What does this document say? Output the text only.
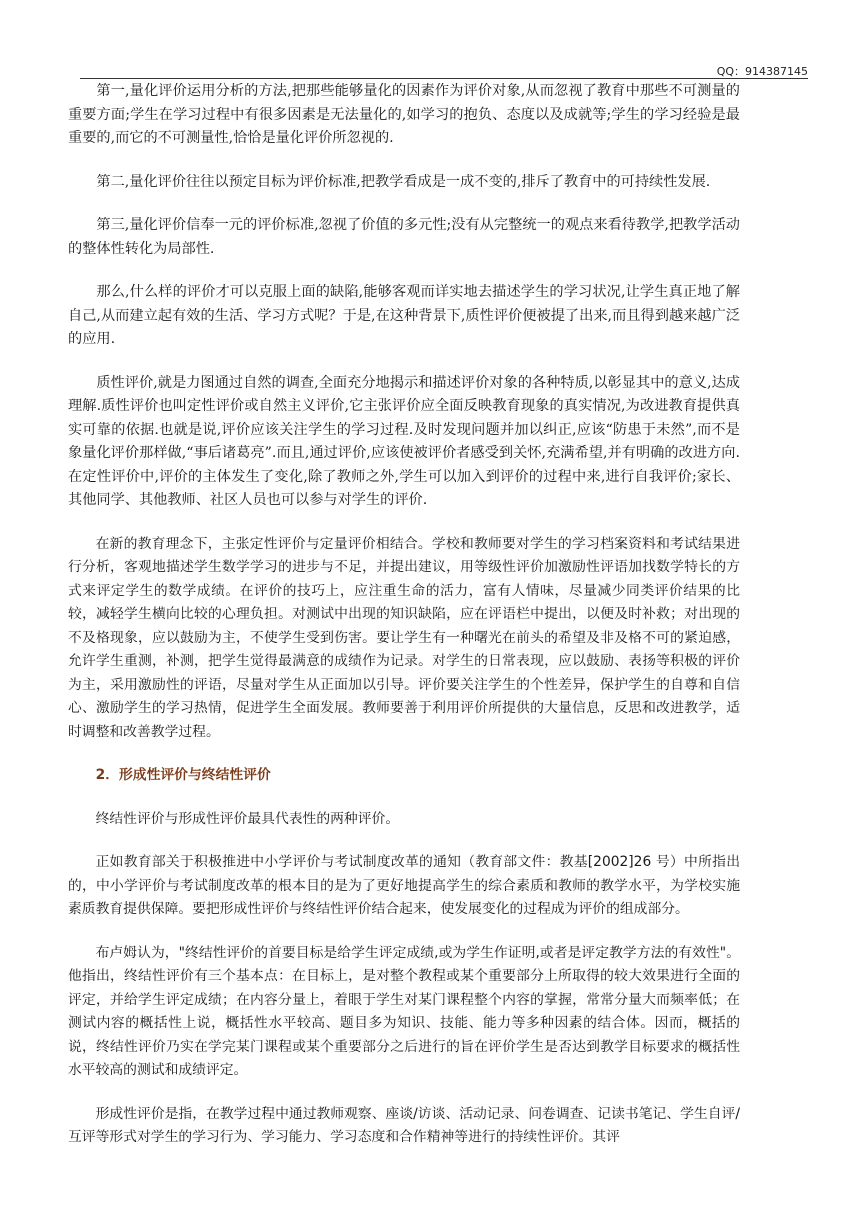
QQ：914387145

第一,量化评价运用分析的方法,把那些能够量化的因素作为评价对象,从而忽视了教育中那些不可测量的重要方面;学生在学习过程中有很多因素是无法量化的,如学习的抱负、态度以及成就等;学生的学习经验是最重要的,而它的不可测量性,恰恰是量化评价所忽视的.

第二,量化评价往往以预定目标为评价标准,把教学看成是一成不变的,排斥了教育中的可持续性发展.

第三,量化评价信奉一元的评价标准,忽视了价值的多元性;没有从完整统一的观点来看待教学,把教学活动的整体性转化为局部性.

那么,什么样的评价才可以克服上面的缺陷,能够客观而详实地去描述学生的学习状况,让学生真正地了解自己,从而建立起有效的生活、学习方式呢？于是,在这种背景下,质性评价便被提了出来,而且得到越来越广泛的应用.

质性评价,就是力图通过自然的调查,全面充分地揭示和描述评价对象的各种特质,以彰显其中的意义,达成理解.质性评价也叫定性评价或自然主义评价,它主张评价应全面反映教育现象的真实情况,为改进教育提供真实可靠的依据.也就是说,评价应该关注学生的学习过程.及时发现问题并加以纠正,应该“防患于未然”,而不是象量化评价那样做,“事后诸葛亮”.而且,通过评价,应该使被评价者感受到关怀,充满希望,并有明确的改进方向. 在定性评价中,评价的主体发生了变化,除了教师之外,学生可以加入到评价的过程中来,进行自我评价;家长、其他同学、其他教师、社区人员也可以参与对学生的评价.

在新的教育理念下，主张定性评价与定量评价相结合。学校和教师要对学生的学习档案资料和考试结果进行分析，客观地描述学生数学学习的进步与不足，并提出建议，用等级性评价加激励性评语加找数学特长的方式来评定学生的数学成绩。在评价的技巧上，应注重生命的活力，富有人情味，尽量减少同类评价结果的比较，减轻学生横向比较的心理负担。对测试中出现的知识缺陷，应在评语栏中提出，以便及时补救；对出现的不及格现象，应以鼓励为主，不使学生受到伤害。要让学生有一种曙光在前头的希望及非及格不可的紧迫感，允许学生重测，补测，把学生觉得最满意的成绩作为记录。对学生的日常表现，应以鼓励、表扬等积极的评价为主，采用激励性的评语，尽量对学生从正面加以引导。评价要关注学生的个性差异，保护学生的自尊和自信心、激励学生的学习热情，促进学生全面发展。教师要善于利用评价所提供的大量信息，反思和改进教学，适时调整和改善教学过程。

2．形成性评价与终结性评价

终结性评价与形成性评价最具代表性的两种评价。

正如教育部关于积极推进中小学评价与考试制度改革的通知（教育部文件：教基[2002]26 号）中所指出的，中小学评价与考试制度改革的根本目的是为了更好地提高学生的综合素质和教师的教学水平，为学校实施素质教育提供保障。要把形成性评价与终结性评价结合起来，使发展变化的过程成为评价的组成部分。

布卢姆认为，"终结性评价的首要目标是给学生评定成绩,或为学生作证明,或者是评定教学方法的有效性"。他指出，终结性评价有三个基本点：在目标上，是对整个教程或某个重要部分上所取得的较大效果进行全面的评定，并给学生评定成绩；在内容分量上，着眼于学生对某门课程整个内容的掌握，常常分量大而频率低；在测试内容的概括性上说，概括性水平较高、题目多为知识、技能、能力等多种因素的结合体。因而，概括的说，终结性评价乃实在学完某门课程或某个重要部分之后进行的旨在评价学生是否达到教学目标要求的概括性水平较高的测试和成绩评定。

形成性评价是指，在教学过程中通过教师观察、座谈/访谈、活动记录、问卷调查、记读书笔记、学生自评/互评等形式对学生的学习行为、学习能力、学习态度和合作精神等进行的持续性评价。其评
